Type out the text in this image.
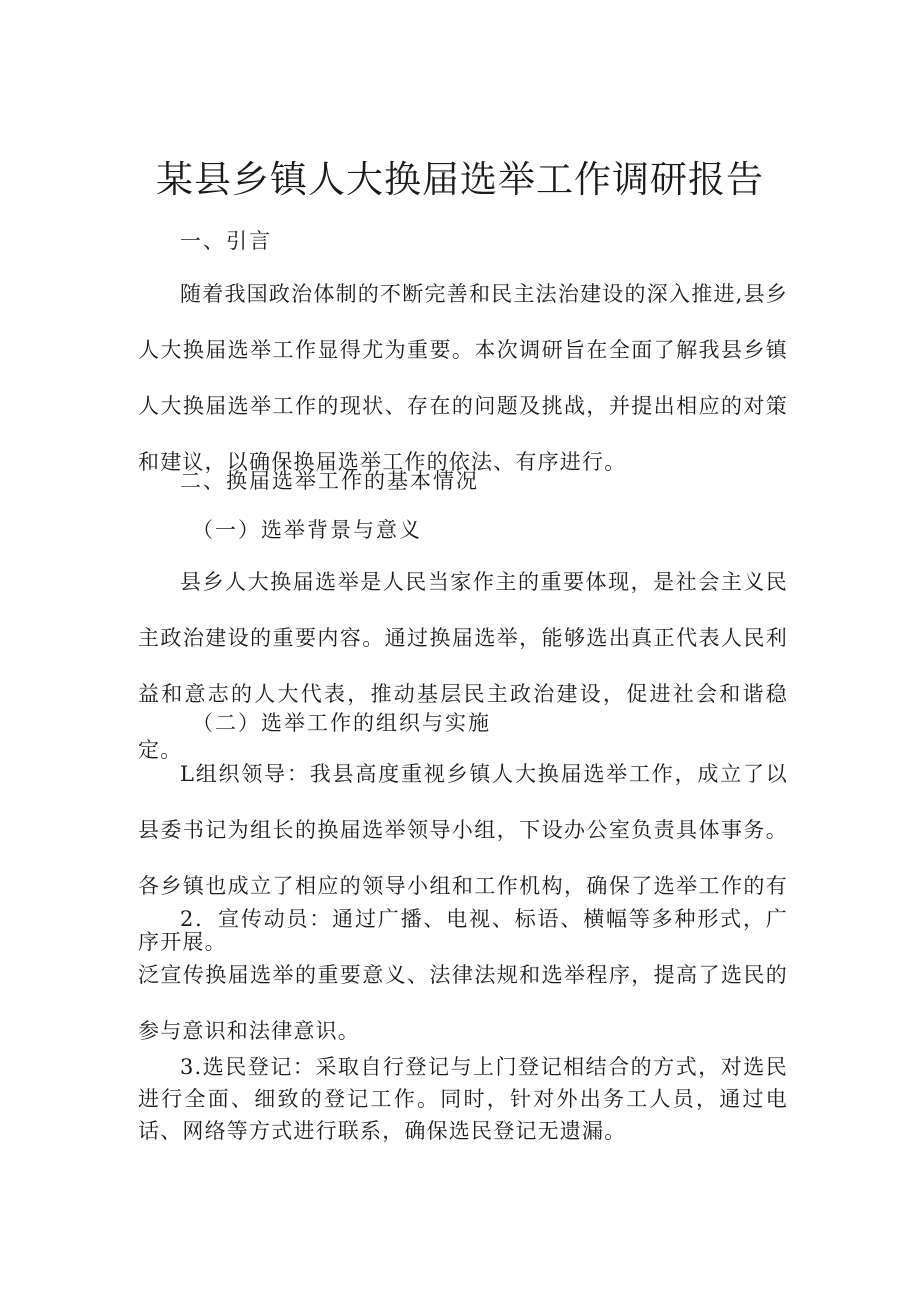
某县乡镇人大换届选举工作调研报告

一、引言

随着我国政治体制的不断完善和民主法治建设的深入推进,县乡人大换届选举工作显得尤为重要。本次调研旨在全面了解我县乡镇人大换届选举工作的现状、存在的问题及挑战，并提出相应的对策和建议，以确保换届选举工作的依法、有序进行。

二、换届选举工作的基本情况

（一）选举背景与意义

县乡人大换届选举是人民当家作主的重要体现，是社会主义民主政治建设的重要内容。通过换届选举，能够选出真正代表人民利益和意志的人大代表，推动基层民主政治建设，促进社会和谐稳定。

（二）选举工作的组织与实施

L组织领导：我县高度重视乡镇人大换届选举工作，成立了以县委书记为组长的换届选举领导小组，下设办公室负责具体事务。各乡镇也成立了相应的领导小组和工作机构，确保了选举工作的有序开展。

2．宣传动员：通过广播、电视、标语、横幅等多种形式，广泛宣传换届选举的重要意义、法律法规和选举程序，提高了选民的参与意识和法律意识。

3.选民登记：采取自行登记与上门登记相结合的方式，对选民进行全面、细致的登记工作。同时，针对外出务工人员，通过电话、网络等方式进行联系，确保选民登记无遗漏。
